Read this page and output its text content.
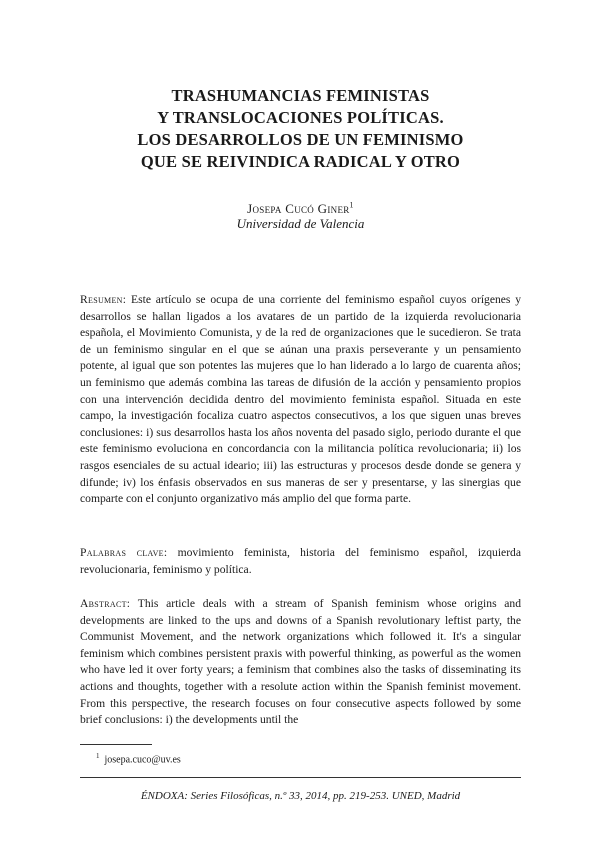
TRASHUMANCIAS FEMINISTAS
Y TRANSLOCACIONES POLÍTICAS.
LOS DESARROLLOS DE UN FEMINISMO
QUE SE REIVINDICA RADICAL Y OTRO
Josepa Cucó Giner$^1$
Universidad de Valencia
Resumen: Este artículo se ocupa de una corriente del feminismo español cuyos orígenes y desarrollos se hallan ligados a los avatares de un partido de la izquierda revolucionaria española, el Movimiento Comunista, y de la red de organizaciones que le sucedieron. Se trata de un feminismo singular en el que se aúnan una praxis perseverante y un pensamiento potente, al igual que son potentes las mujeres que lo han liderado a lo largo de cuarenta años; un feminismo que además combina las tareas de difusión de la acción y pensamiento propios con una intervención decidida dentro del movimiento feminista español. Situada en este campo, la investigación focaliza cuatro aspectos consecutivos, a los que siguen unas breves conclusiones: i) sus desarrollos hasta los años noventa del pasado siglo, periodo durante el que este feminismo evoluciona en concordancia con la militancia política revolucionaria; ii) los rasgos esenciales de su actual ideario; iii) las estructuras y procesos desde donde se genera y difunde; iv) los énfasis observados en sus maneras de ser y presentarse, y las sinergias que comparte con el conjunto organizativo más amplio del que forma parte.
Palabras clave: movimiento feminista, historia del feminismo español, izquierda revolucionaria, feminismo y política.
Abstract: This article deals with a stream of Spanish feminism whose origins and developments are linked to the ups and downs of a Spanish revolutionary leftist party, the Communist Movement, and the network organizations which followed it. It's a singular feminism which combines persistent praxis with powerful thinking, as powerful as the women who have led it over forty years; a feminism that combines also the tasks of disseminating its actions and thoughts, together with a resolute action within the Spanish feminist movement. From this perspective, the research focuses on four consecutive aspects followed by some brief conclusions: i) the developments until the
$^1$ josepa.cuco@uv.es
ÉNDOXA: Series Filosóficas, n.º 33, 2014, pp. 219-253. UNED, Madrid
